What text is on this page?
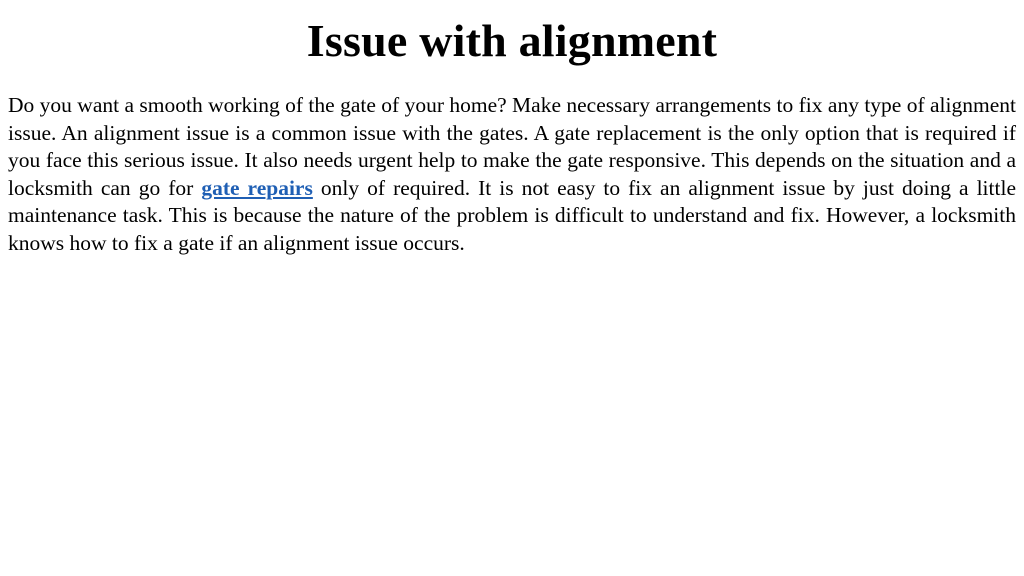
Issue with alignment

Do you want a smooth working of the gate of your home? Make necessary arrangements to fix any type of alignment issue. An alignment issue is a common issue with the gates. A gate replacement is the only option that is required if you face this serious issue. It also needs urgent help to make the gate responsive. This depends on the situation and a locksmith can go for gate repairs only of required. It is not easy to fix an alignment issue by just doing a little maintenance task. This is because the nature of the problem is difficult to understand and fix. However, a locksmith knows how to fix a gate if an alignment issue occurs.
